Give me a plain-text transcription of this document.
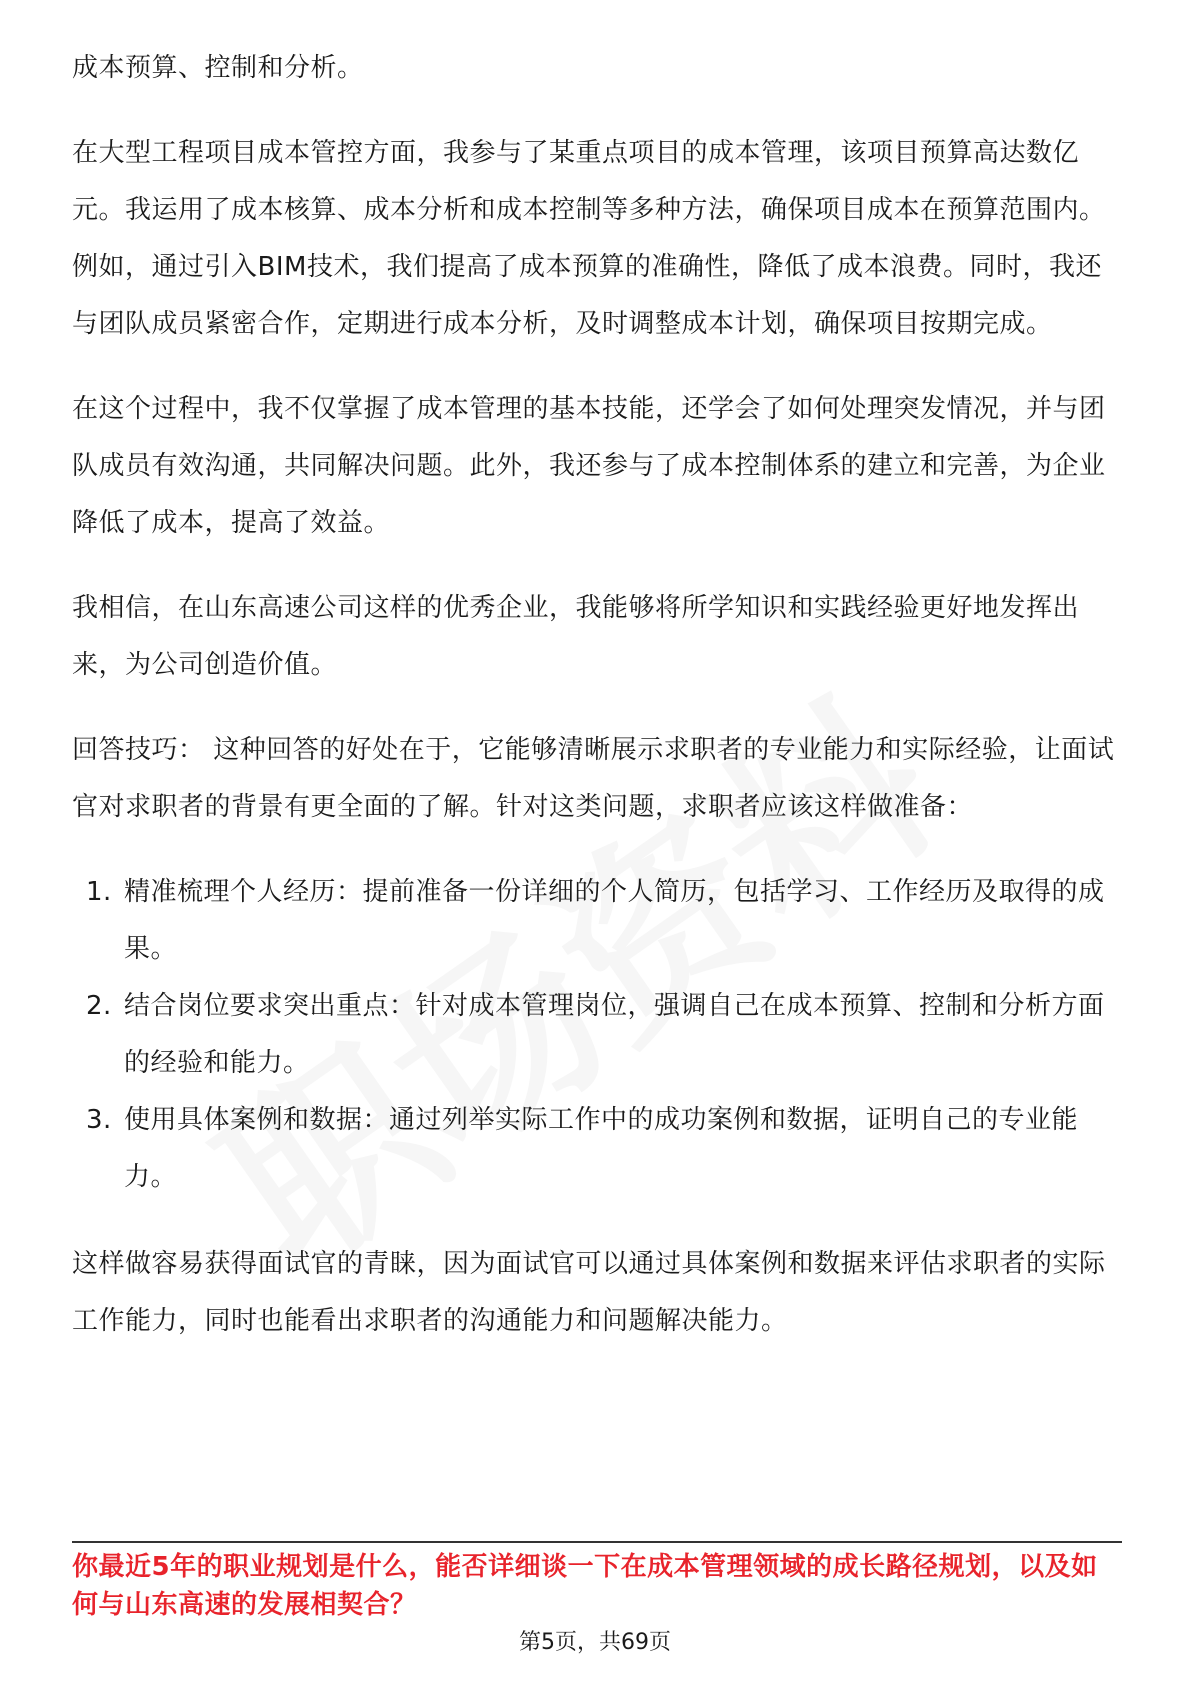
成本预算、控制和分析。

在大型工程项目成本管控方面，我参与了某重点项目的成本管理，该项目预算高达数亿元。我运用了成本核算、成本分析和成本控制等多种方法，确保项目成本在预算范围内。例如，通过引入BIM技术，我们提高了成本预算的准确性，降低了成本浪费。同时，我还与团队成员紧密合作，定期进行成本分析，及时调整成本计划，确保项目按期完成。

在这个过程中，我不仅掌握了成本管理的基本技能，还学会了如何处理突发情况，并与团队成员有效沟通，共同解决问题。此外，我还参与了成本控制体系的建立和完善，为企业降低了成本，提高了效益。

我相信，在山东高速公司这样的优秀企业，我能够将所学知识和实践经验更好地发挥出来，为公司创造价值。

回答技巧： 这种回答的好处在于，它能够清晰展示求职者的专业能力和实际经验，让面试官对求职者的背景有更全面的了解。针对这类问题，求职者应该这样做准备：

1. 精准梳理个人经历：提前准备一份详细的个人简历，包括学习、工作经历及取得的成果。
2. 结合岗位要求突出重点：针对成本管理岗位，强调自己在成本预算、控制和分析方面的经验和能力。
3. 使用具体案例和数据：通过列举实际工作中的成功案例和数据，证明自己的专业能力。

这样做容易获得面试官的青睐，因为面试官可以通过具体案例和数据来评估求职者的实际工作能力，同时也能看出求职者的沟通能力和问题解决能力。

你最近5年的职业规划是什么，能否详细谈一下在成本管理领域的成长路径规划，以及如何与山东高速的发展相契合？
第5页，共69页
